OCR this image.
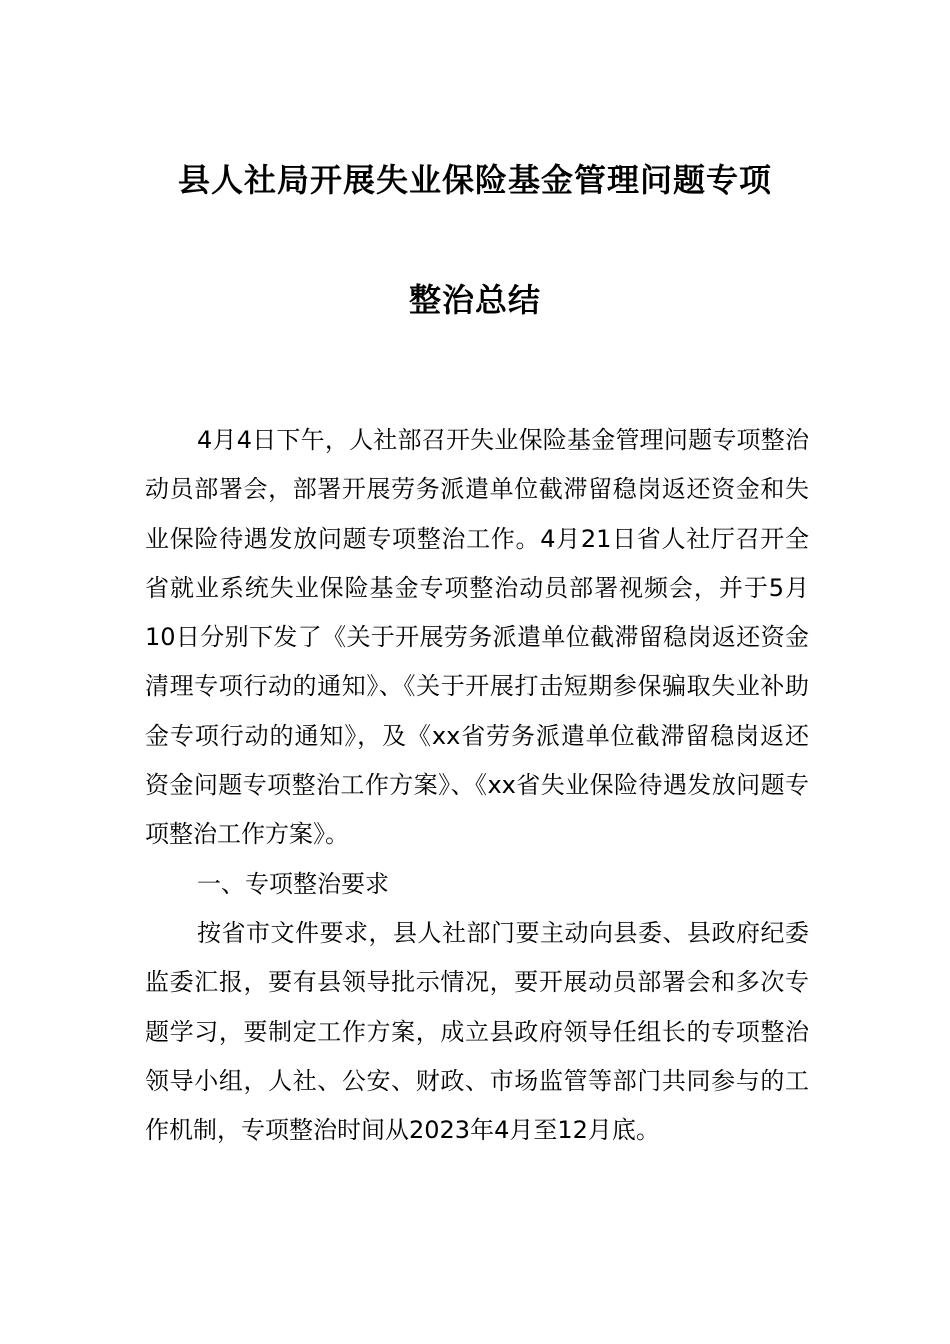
县人社局开展失业保险基金管理问题专项
整治总结

4月4日下午，人社部召开失业保险基金管理问题专项整治动员部署会，部署开展劳务派遣单位截滞留稳岗返还资金和失业保险待遇发放问题专项整治工作。4月21日省人社厅召开全省就业系统失业保险基金专项整治动员部署视频会，并于5月10日分别下发了《关于开展劳务派遣单位截滞留稳岗返还资金清理专项行动的通知》、《关于开展打击短期参保骗取失业补助金专项行动的通知》，及《xx省劳务派遣单位截滞留稳岗返还资金问题专项整治工作方案》、《xx省失业保险待遇发放问题专项整治工作方案》。

一、专项整治要求

按省市文件要求，县人社部门要主动向县委、县政府纪委监委汇报，要有县领导批示情况，要开展动员部署会和多次专题学习，要制定工作方案，成立县政府领导任组长的专项整治领导小组，人社、公安、财政、市场监管等部门共同参与的工作机制，专项整治时间从2023年4月至12月底。
